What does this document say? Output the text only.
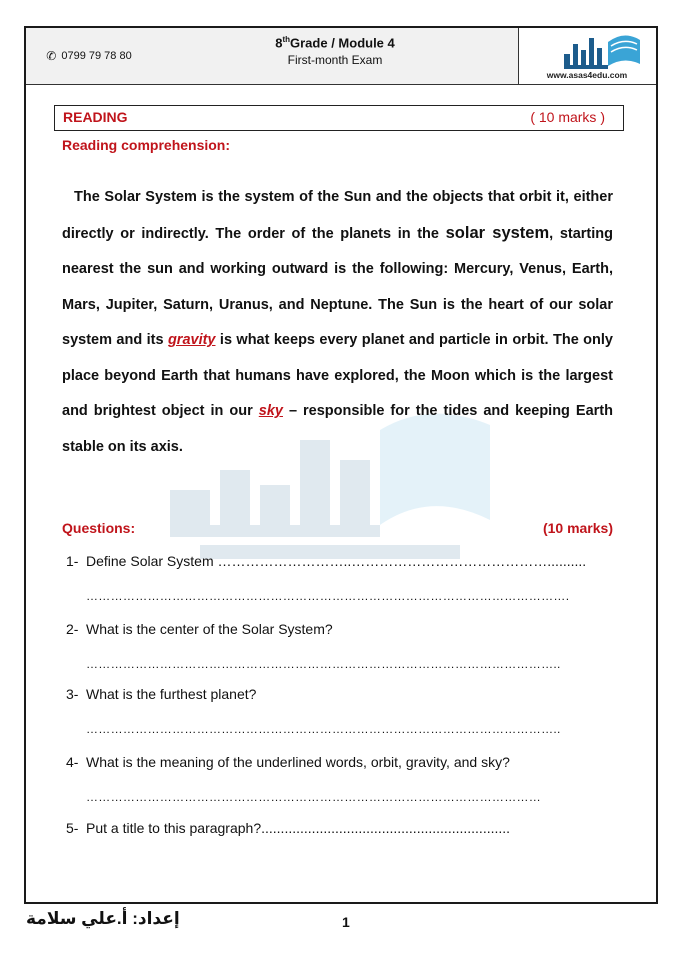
✆ 0799 79 78 80
8thGrade / Module 4
First-month Exam
www.asas4edu.com
READING	( 10 marks )
Reading comprehension:
The Solar System is the system of the Sun and the objects that orbit it, either directly or indirectly. The order of the planets in the solar system, starting nearest the sun and working outward is the following: Mercury, Venus, Earth, Mars, Jupiter, Saturn, Uranus, and Neptune. The Sun is the heart of our solar system and its gravity is what keeps every planet and particle in orbit. The only place beyond Earth that humans have explored, the Moon which is the largest and brightest object in our sky – responsible for the tides and keeping Earth stable on its axis.
Questions:	(10 marks)
1- Define Solar System ………………………..……………………………………..........
……………………………………………………………………………………………………….
2- What is the center of the Solar System?
……………………………………………………………………………………………………..
3- What is the furthest planet?
……………………………………………………………………………………………………..
4- What is the meaning of the underlined words, orbit, gravity, and sky?
…………………………………………………………………………………………………
5- Put a title to this paragraph?................................................................
إعداد: أ.علي سلامة	1
